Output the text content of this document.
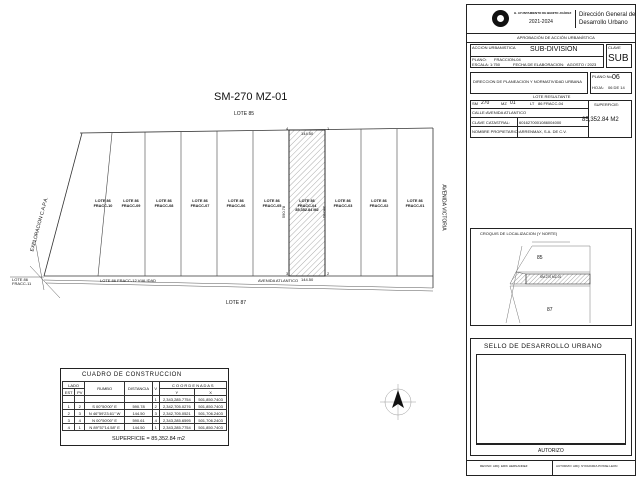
SM-270 MZ-01
LOTE 85
LOTE 87
LOTE 86
FRACC-10
LOTE 86
FRACC-09
LOTE 86
FRACC-08
LOTE 86
FRACC-07
LOTE 86
FRACC-06
LOTE 86
FRACC-05
LOTE 86
FRACC-04
85,352.84 M2
LOTE 86
FRACC-03
LOTE 86
FRACC-02
LOTE 86
FRACC-01
144.50
144.50
4	1
3	2
590.78	590.61	AVENIDA VICTORIA
EXPLORACION C.A.P.A.
LOTE 86
FRACC-11
LOTE 86 FRACC-12 VIALIDAD	AVENIDA ATLANTICO
CUADRO DE CONSTRUCCION
LADO		RUMBO	DISTANCIA	V	C O O R D E N A D A S	
EST	PV				Y	X
				1	2,343,285.7754	501,850.7403
1	2	S 00°50'00" E	590.78	2	2,342,705.0276	501,850.7403
2	3	N 46°59'23.61" W	144.50	3	2,342,705.0521	501,706.2403
3	4	N 00°50'00" E	590.61	4	2,343,285.6595	501,706.2403
4	1	N 89°57'14.58" E	144.50	1	2,343,285.7754	501,850.7403
SUPERFICIE = 85,352.84 m2
H. AYUNTAMIENTO DE BENITO JUÁREZ
2021-2024
Dirección General de
Desarrollo Urbano
APROBACIÓN DE ACCIÓN URBANÍSTICA
ACCION URBANISTICA SUB-DIVISION
PLANO: FRACCION-04
ESCALA: 1:750	FECHA DE ELABORACION: AGOSTO / 2023
CLAVE
SUB
DIRECCION DE PLANEACION Y NORMATIVIDAD URBANA
PLANO No. 06
HOJA: 06 DE 14
LOTE RESULTANTE
SM 270	MZ 01	LT 86 FRACC-04	SUPERFICIE:
CALLE: AVENIDA ATLANTICO
CLAVE CATASTRAL: 6016270001086004000
NOMBRE PROPIETARIO: ARRENMAX, S.A. DE C.V.
85,352.84 M2
CROQUIS DE LOCALIZACION (Y NORTE)
85
87
SM-270 MZ-01
SELLO DE DESARROLLO URBANO
AUTORIZO
REVISO: ARQ. ERIK HERNANDEZ	AUTORIZO: ARQ. NYDIANIRA POSSE LEON
